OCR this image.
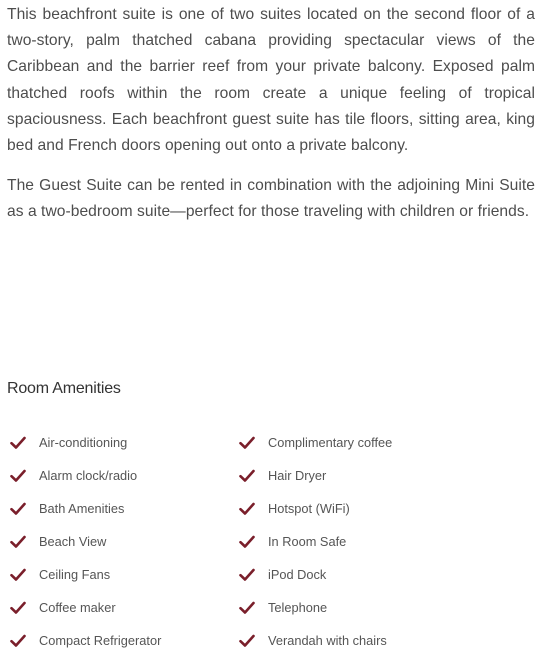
This beachfront suite is one of two suites located on the second floor of a two-story, palm thatched cabana providing spectacular views of the Caribbean and the barrier reef from your private balcony. Exposed palm thatched roofs within the room create a unique feeling of tropical spaciousness. Each beachfront guest suite has tile floors, sitting area, king bed and French doors opening out onto a private balcony.

The Guest Suite can be rented in combination with the adjoining Mini Suite as a two-bedroom suite—perfect for those traveling with children or friends.

Room Amenities
Air-conditioning	Complimentary coffee
Alarm clock/radio	Hair Dryer
Bath Amenities	Hotspot (WiFi)
Beach View	In Room Safe
Ceiling Fans	iPod Dock
Coffee maker	Telephone
Compact Refrigerator	Verandah with chairs
